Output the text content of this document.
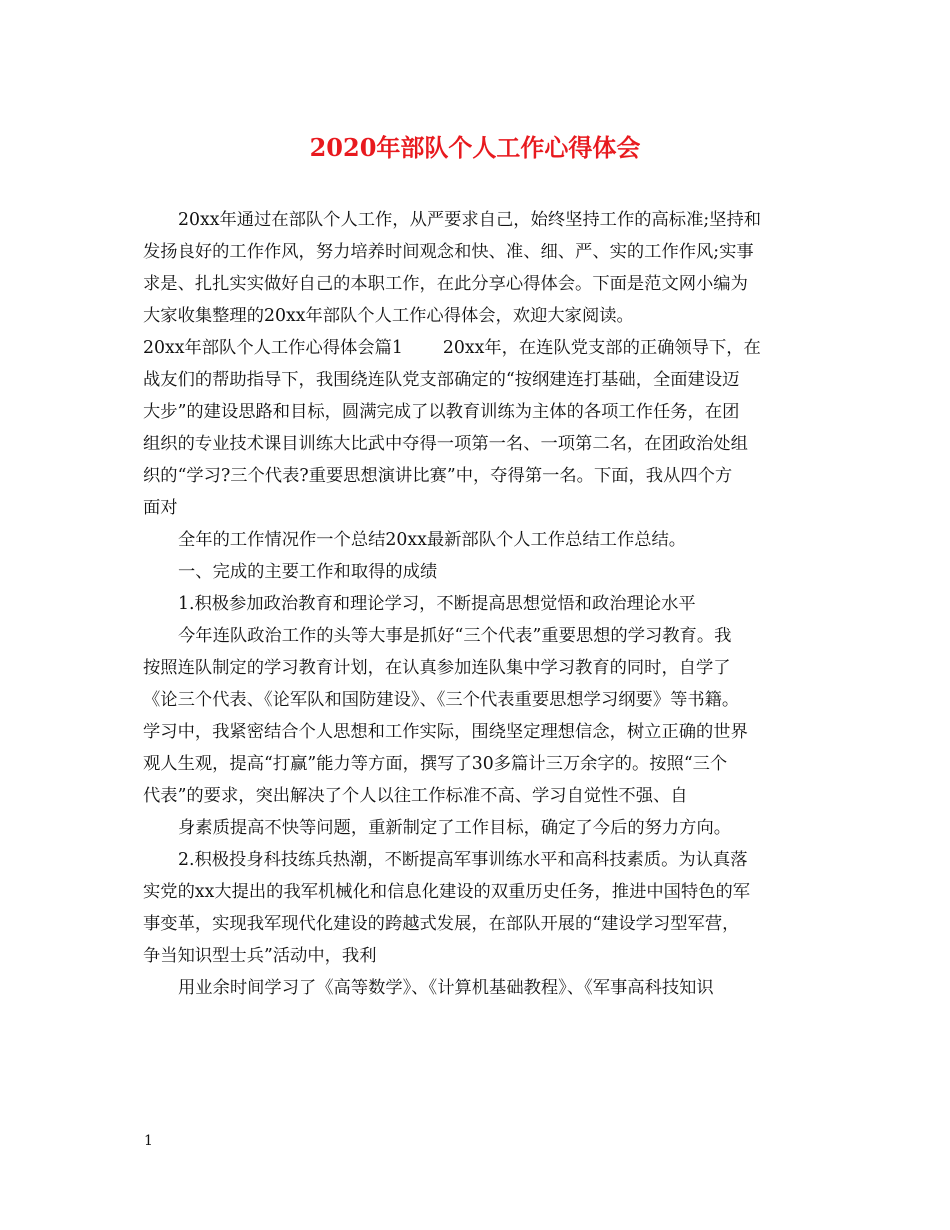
2020年部队个人工作心得体会
20xx年通过在部队个人工作，从严要求自己，始终坚持工作的高标准;坚持和
发扬良好的工作作风，努力培养时间观念和快、准、细、严、实的工作作风;实事
求是、扎扎实实做好自己的本职工作，在此分享心得体会。下面是范文网小编为
大家收集整理的20xx年部队个人工作心得体会，欢迎大家阅读。
20xx年部队个人工作心得体会篇1 20xx年，在连队党支部的正确领导下，在
战友们的帮助指导下，我围绕连队党支部确定的“按纲建连打基础，全面建设迈
大步”的建设思路和目标，圆满完成了以教育训练为主体的各项工作任务，在团
组织的专业技术课目训练大比武中夺得一项第一名、一项第二名，在团政治处组
织的“学习?三个代表?重要思想演讲比赛”中，夺得第一名。下面，我从四个方
面对
全年的工作情况作一个总结20xx最新部队个人工作总结工作总结。
一、完成的主要工作和取得的成绩
1.积极参加政治教育和理论学习，不断提高思想觉悟和政治理论水平
今年连队政治工作的头等大事是抓好“三个代表”重要思想的学习教育。我
按照连队制定的学习教育计划，在认真参加连队集中学习教育的同时，自学了
《论三个代表、《论军队和国防建设》、《三个代表重要思想学习纲要》等书籍。
学习中，我紧密结合个人思想和工作实际，围绕坚定理想信念，树立正确的世界
观人生观，提高“打赢”能力等方面，撰写了30多篇计三万余字的。按照“三个
代表”的要求，突出解决了个人以往工作标准不高、学习自觉性不强、自
身素质提高不快等问题，重新制定了工作目标，确定了今后的努力方向。
2.积极投身科技练兵热潮，不断提高军事训练水平和高科技素质。为认真落
实党的xx大提出的我军机械化和信息化建设的双重历史任务，推进中国特色的军
事变革，实现我军现代化建设的跨越式发展，在部队开展的“建设学习型军营，
争当知识型士兵”活动中，我利
用业余时间学习了《高等数学》、《计算机基础教程》、《军事高科技知识
1
